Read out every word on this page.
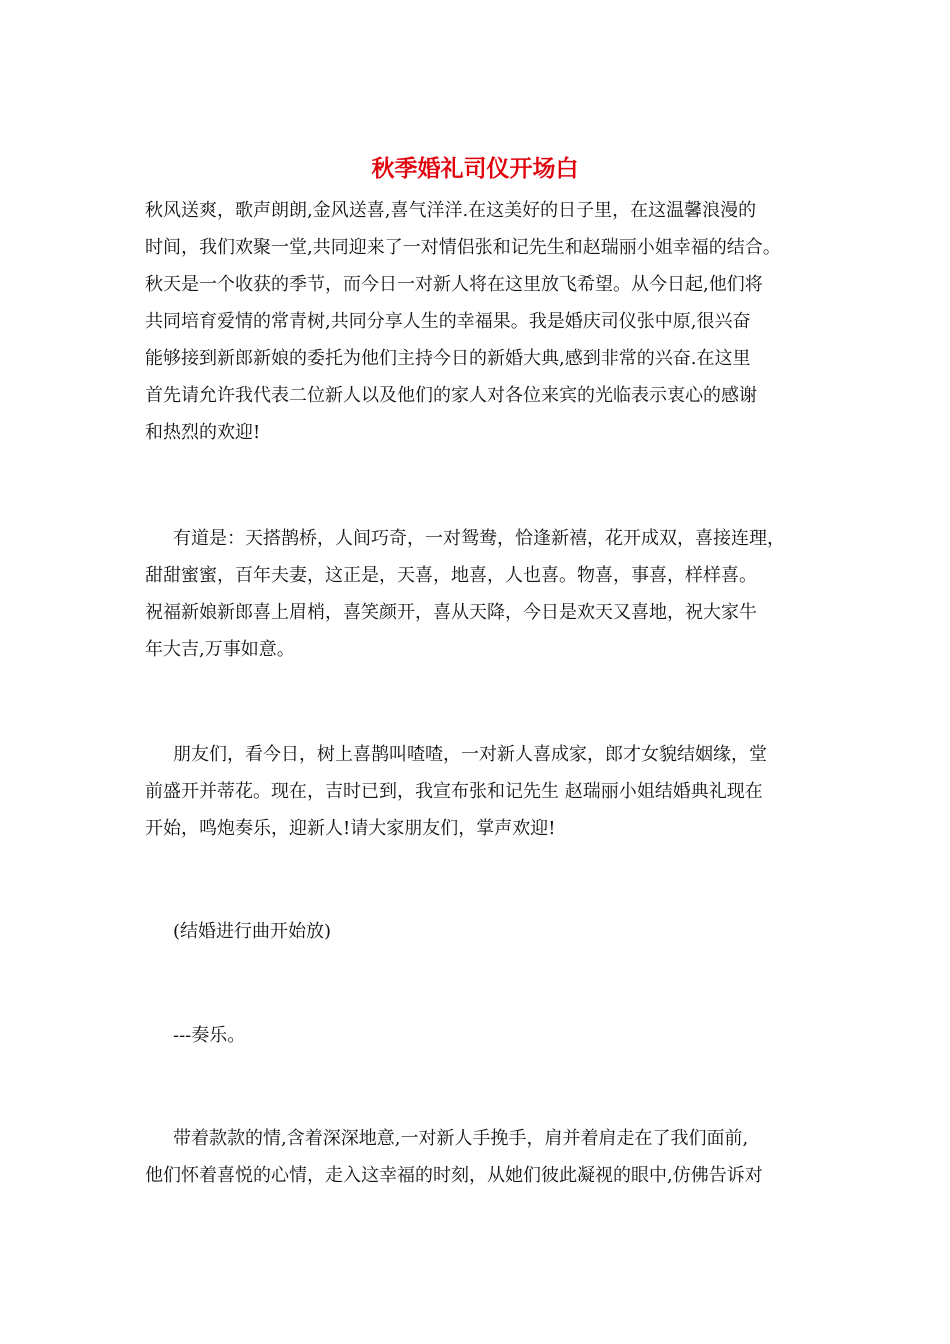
秋季婚礼司仪开场白
秋风送爽，歌声朗朗,金风送喜,喜气洋洋.在这美好的日子里，在这温馨浪漫的
时间，我们欢聚一堂,共同迎来了一对情侣张和记先生和赵瑞丽小姐幸福的结合。
秋天是一个收获的季节，而今日一对新人将在这里放飞希望。从今日起,他们将
共同培育爱情的常青树,共同分享人生的幸福果。我是婚庆司仪张中原,很兴奋
能够接到新郎新娘的委托为他们主持今日的新婚大典,感到非常的兴奋.在这里
首先请允许我代表二位新人以及他们的家人对各位来宾的光临表示衷心的感谢
和热烈的欢迎!
有道是：天搭鹊桥，人间巧奇，一对鸳鸯，恰逢新禧，花开成双，喜接连理，
甜甜蜜蜜，百年夫妻，这正是，天喜，地喜，人也喜。物喜，事喜，样样喜。
祝福新娘新郎喜上眉梢，喜笑颜开，喜从天降，今日是欢天又喜地，祝大家牛
年大吉,万事如意。
朋友们，看今日，树上喜鹊叫喳喳，一对新人喜成家，郎才女貌结姻缘，堂
前盛开并蒂花。现在，吉时已到，我宣布张和记先生 赵瑞丽小姐结婚典礼现在
开始，鸣炮奏乐，迎新人!请大家朋友们，掌声欢迎!
(结婚进行曲开始放)
---奏乐。
带着款款的情,含着深深地意,一对新人手挽手，肩并着肩走在了我们面前,
他们怀着喜悦的心情，走入这幸福的时刻，从她们彼此凝视的眼中,仿佛告诉对
